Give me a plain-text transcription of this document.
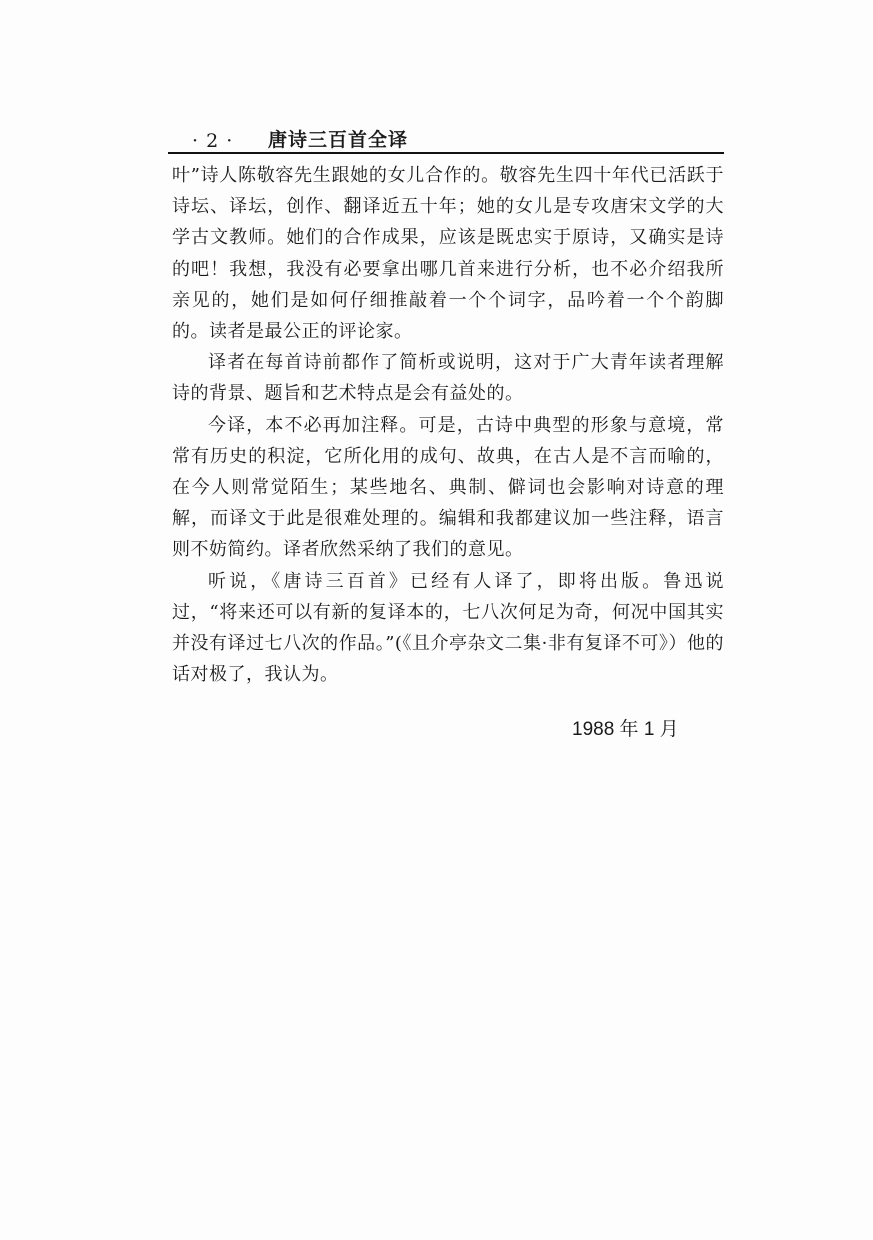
· 2 ·	唐诗三百首全译

叶”诗人陈敬容先生跟她的女儿合作的。敬容先生四十年代已活跃于诗坛、译坛，创作、翻译近五十年；她的女儿是专攻唐宋文学的大学古文教师。她们的合作成果，应该是既忠实于原诗，又确实是诗的吧！我想，我没有必要拿出哪几首来进行分析，也不必介绍我所亲见的，她们是如何仔细推敲着一个个词字，品吟着一个个韵脚的。读者是最公正的评论家。

译者在每首诗前都作了简析或说明，这对于广大青年读者理解诗的背景、题旨和艺术特点是会有益处的。

今译，本不必再加注释。可是，古诗中典型的形象与意境，常常有历史的积淀，它所化用的成句、故典，在古人是不言而喻的，在今人则常觉陌生；某些地名、典制、僻词也会影响对诗意的理解，而译文于此是很难处理的。编辑和我都建议加一些注释，语言则不妨简约。译者欣然采纳了我们的意见。

听说，《唐诗三百首》已经有人译了，即将出版。鲁迅说过，“将来还可以有新的复译本的，七八次何足为奇，何况中国其实并没有译过七八次的作品。”(《且介亭杂文二集·非有复译不可》）他的话对极了，我认为。

1988 年 1 月
